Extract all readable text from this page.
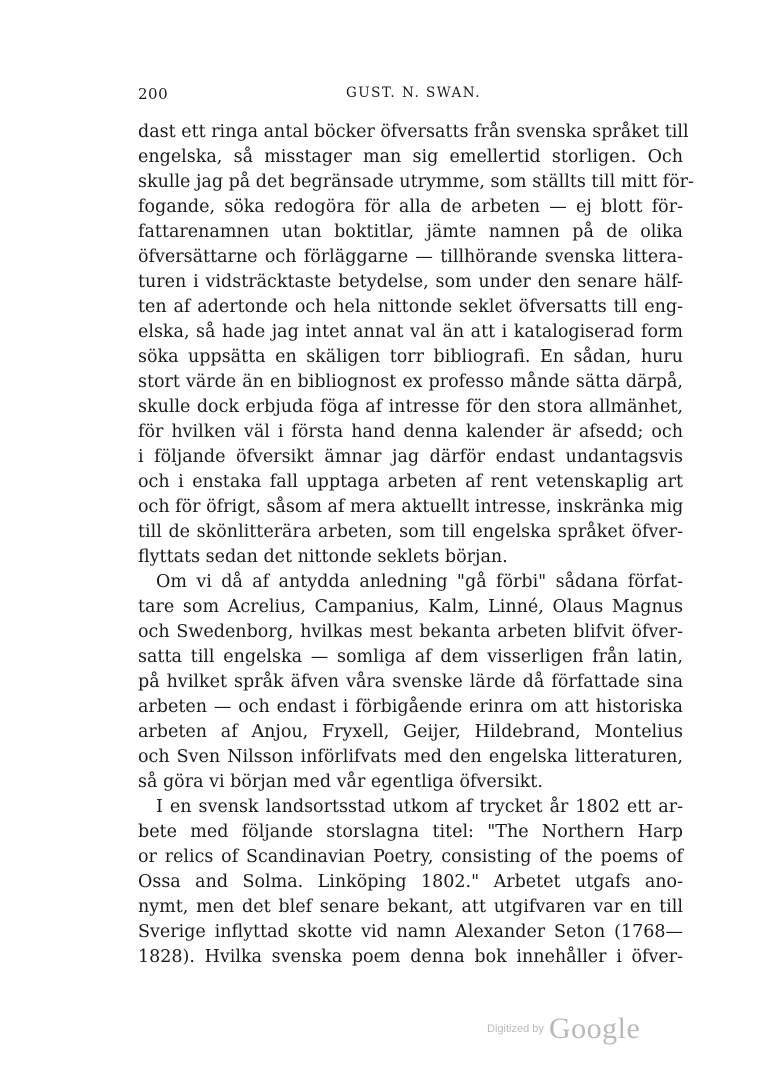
200	GUST. N. SWAN.
dast ett ringa antal böcker öfversatts från svenska språket till
engelska, så misstager man sig emellertid storligen. Och
skulle jag på det begränsade utrymme, som ställts till mitt för-
fogande, söka redogöra för alla de arbeten — ej blott för-
fattarenamnen utan boktitlar, jämte namnen på de olika
öfversättarne och förläggarne — tillhörande svenska littera-
turen i vidsträcktaste betydelse, som under den senare hälf-
ten af adertonde och hela nittonde seklet öfversatts till eng-
elska, så hade jag intet annat val än att i katalogiserad form
söka uppsätta en skäligen torr bibliografi. En sådan, huru
stort värde än en bibliognost ex professo månde sätta därpå,
skulle dock erbjuda föga af intresse för den stora allmänhet,
för hvilken väl i första hand denna kalender är afsedd; och
i följande öfversikt ämnar jag därför endast undantagsvis
och i enstaka fall upptaga arbeten af rent vetenskaplig art
och för öfrigt, såsom af mera aktuellt intresse, inskränka mig
till de skönlitterära arbeten, som till engelska språket öfver-
flyttats sedan det nittonde seklets början.
Om vi då af antydda anledning "gå förbi" sådana förfat-
tare som Acrelius, Campanius, Kalm, Linné, Olaus Magnus
och Swedenborg, hvilkas mest bekanta arbeten blifvit öfver-
satta till engelska — somliga af dem visserligen från latin,
på hvilket språk äfven våra svenske lärde då författade sina
arbeten — och endast i förbigående erinra om att historiska
arbeten af Anjou, Fryxell, Geijer, Hildebrand, Montelius
och Sven Nilsson införlifvats med den engelska litteraturen,
så göra vi början med vår egentliga öfversikt.
I en svensk landsortsstad utkom af trycket år 1802 ett ar-
bete med följande storslagna titel: "The Northern Harp
or relics of Scandinavian Poetry, consisting of the poems of
Ossa and Solma. Linköping 1802." Arbetet utgafs ano-
nymt, men det blef senare bekant, att utgifvaren var en till
Sverige inflyttad skotte vid namn Alexander Seton (1768—
1828). Hvilka svenska poem denna bok innehåller i öfver-
Digitized by Google
